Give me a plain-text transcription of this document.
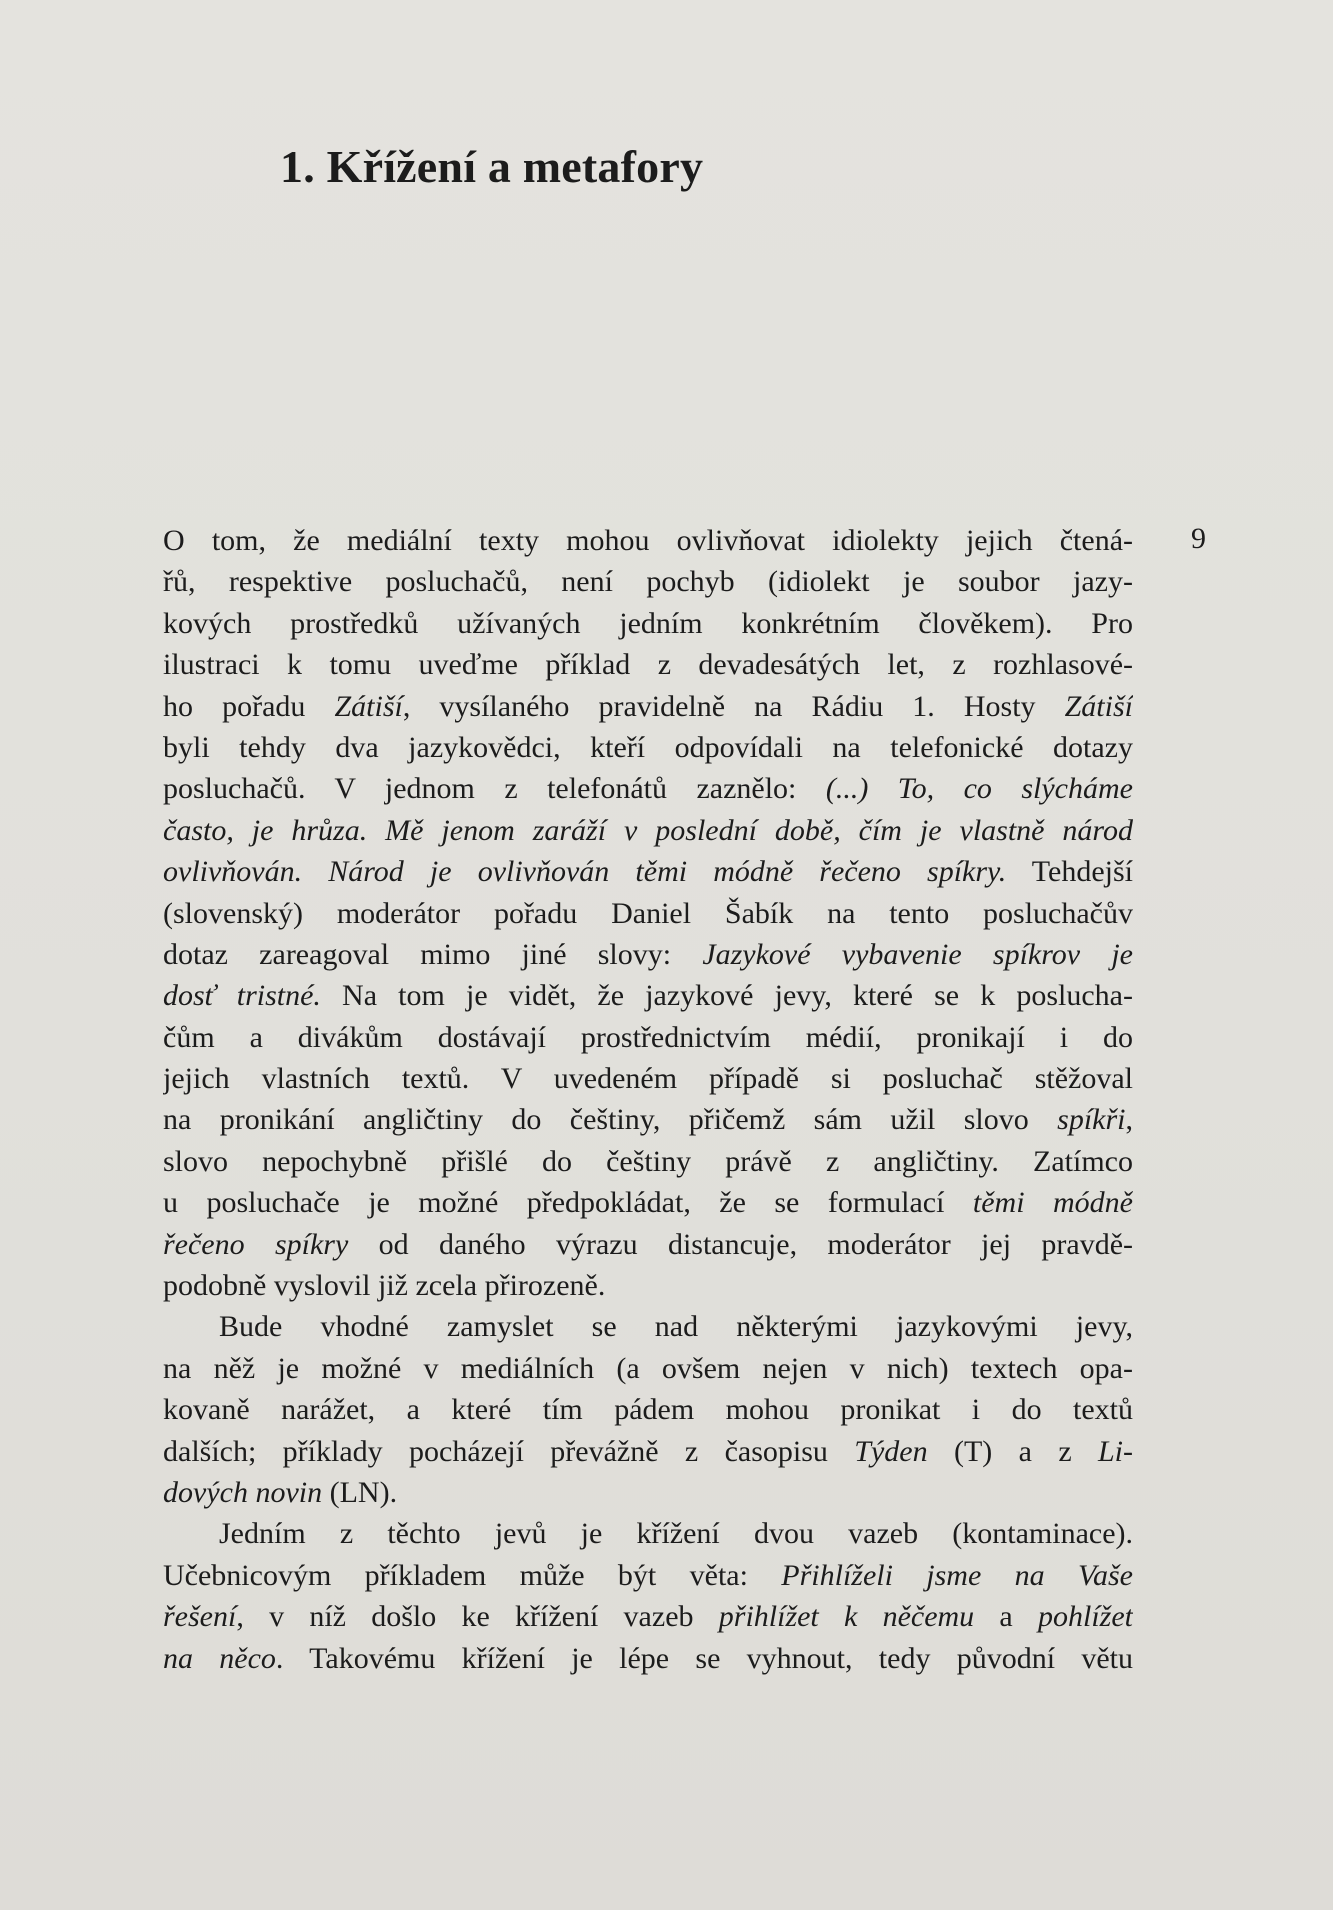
1. Křížení a metafory
9
O tom, že mediální texty mohou ovlivňovat idiolekty jejich čtená-
řů, respektive posluchačů, není pochyb (idiolekt je soubor jazy-
kových prostředků užívaných jedním konkrétním člověkem). Pro
ilustraci k tomu uveďme příklad z devadesátých let, z rozhlasové-
ho pořadu Zátiší, vysílaného pravidelně na Rádiu 1. Hosty Zátiší
byli tehdy dva jazykovědci, kteří odpovídali na telefonické dotazy
posluchačů. V jednom z telefonátů zaznělo: (...) To, co slýcháme
často, je hrůza. Mě jenom zaráží v poslední době, čím je vlastně národ
ovlivňován. Národ je ovlivňován těmi módně řečeno spíkry. Tehdejší
(slovenský) moderátor pořadu Daniel Šabík na tento posluchačův
dotaz zareagoval mimo jiné slovy: Jazykové vybavenie spíkrov je
dosť tristné. Na tom je vidět, že jazykové jevy, které se k poslucha-
čům a divákům dostávají prostřednictvím médií, pronikají i do
jejich vlastních textů. V uvedeném případě si posluchač stěžoval
na pronikání angličtiny do češtiny, přičemž sám užil slovo spíkři,
slovo nepochybně přišlé do češtiny právě z angličtiny. Zatímco
u posluchače je možné předpokládat, že se formulací těmi módně
řečeno spíkry od daného výrazu distancuje, moderátor jej pravdě-
podobně vyslovil již zcela přirozeně.
Bude vhodné zamyslet se nad některými jazykovými jevy,
na něž je možné v mediálních (a ovšem nejen v nich) textech opa-
kovaně narážet, a které tím pádem mohou pronikat i do textů
dalších; příklady pocházejí převážně z časopisu Týden (T) a z Li-
dových novin (LN).
Jedním z těchto jevů je křížení dvou vazeb (kontaminace).
Učebnicovým příkladem může být věta: Přihlíželi jsme na Vaše
řešení, v níž došlo ke křížení vazeb přihlížet k něčemu a pohlížet
na něco. Takovému křížení je lépe se vyhnout, tedy původní větu
